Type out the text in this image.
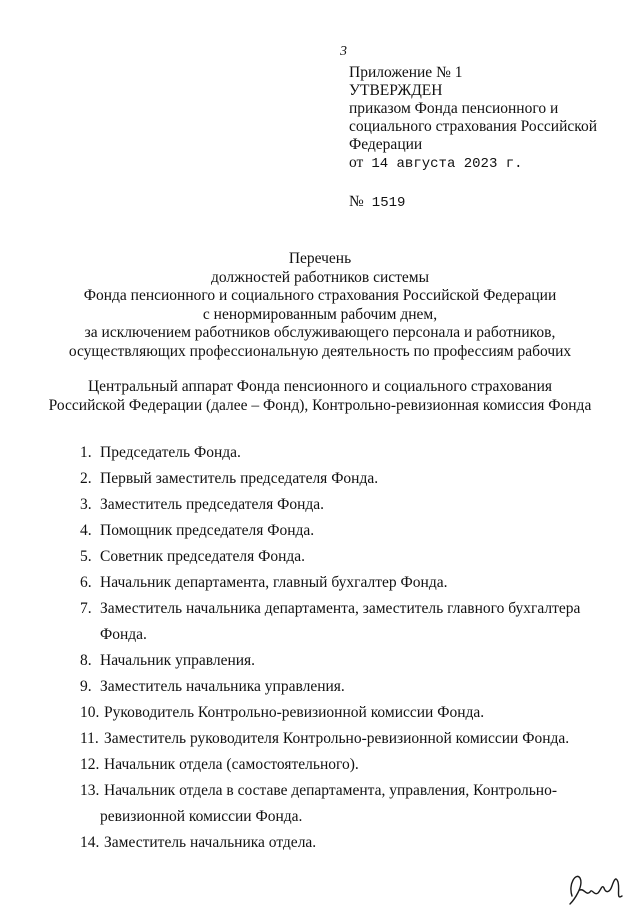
3
Приложение № 1
УТВЕРЖДЕН
приказом Фонда пенсионного и
социального страхования Российской
Федерации
от 14 августа 2023 г.
№ 1519
Перечень
должностей работников системы
Фонда пенсионного и социального страхования Российской Федерации
с ненормированным рабочим днем,
за исключением работников обслуживающего персонала и работников,
осуществляющих профессиональную деятельность по профессиям рабочих
Центральный аппарат Фонда пенсионного и социального страхования
Российской Федерации (далее – Фонд), Контрольно-ревизионная комиссия Фонда
1. Председатель Фонда.
2. Первый заместитель председателя Фонда.
3. Заместитель председателя Фонда.
4. Помощник председателя Фонда.
5. Советник председателя Фонда.
6. Начальник департамента, главный бухгалтер Фонда.
7. Заместитель начальника департамента, заместитель главного бухгалтера
Фонда.
8. Начальник управления.
9. Заместитель начальника управления.
10. Руководитель Контрольно-ревизионной комиссии Фонда.
11. Заместитель руководителя Контрольно-ревизионной комиссии Фонда.
12. Начальник отдела (самостоятельного).
13. Начальник отдела в составе департамента, управления, Контрольно-
ревизионной комиссии Фонда.
14. Заместитель начальника отдела.
